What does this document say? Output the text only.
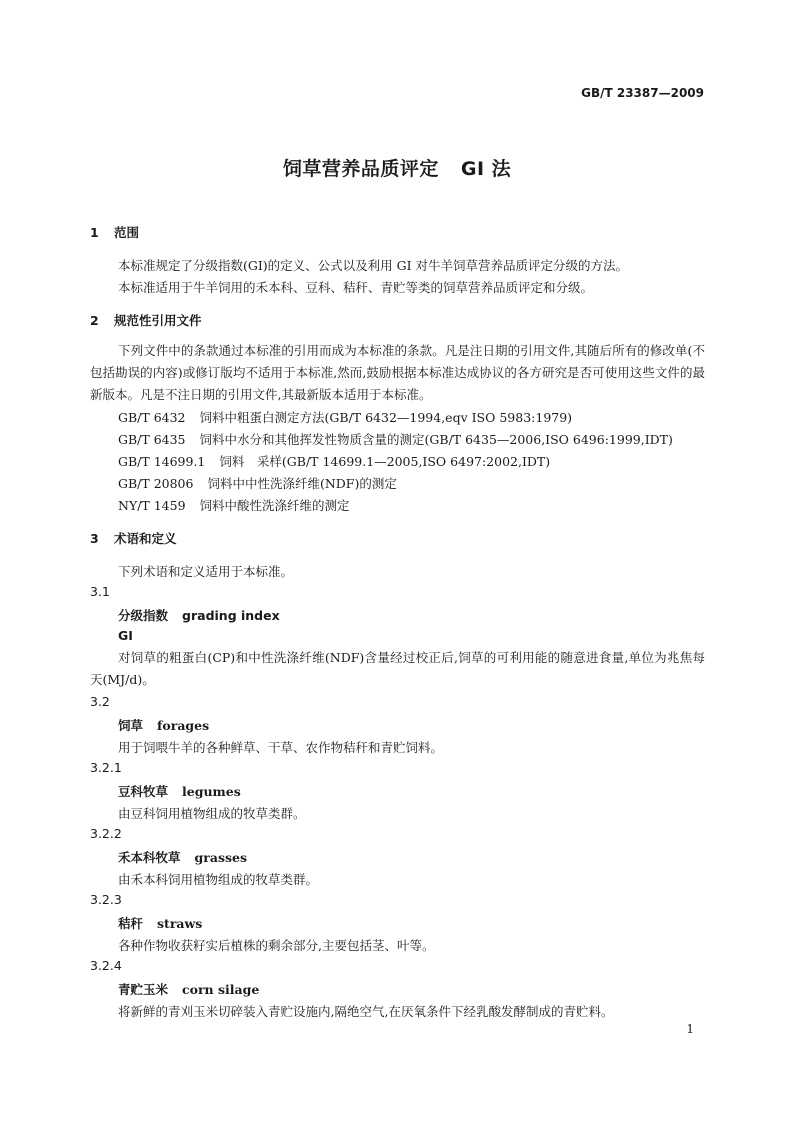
GB/T 23387—2009
饲草营养品质评定 GI 法
1 范围
本标准规定了分级指数(GI)的定义、公式以及利用 GI 对牛羊饲草营养品质评定分级的方法。
本标准适用于牛羊饲用的禾本科、豆科、秸秆、青贮等类的饲草营养品质评定和分级。
2 规范性引用文件
下列文件中的条款通过本标准的引用而成为本标准的条款。凡是注日期的引用文件,其随后所有的修改单(不包括勘误的内容)或修订版均不适用于本标准,然而,鼓励根据本标准达成协议的各方研究是否可使用这些文件的最新版本。凡是不注日期的引用文件,其最新版本适用于本标准。
GB/T 6432 饲料中粗蛋白测定方法(GB/T 6432—1994,eqv ISO 5983:1979)
GB/T 6435 饲料中水分和其他挥发性物质含量的测定(GB/T 6435—2006,ISO 6496:1999,IDT)
GB/T 14699.1 饲料　采样(GB/T 14699.1—2005,ISO 6497:2002,IDT)
GB/T 20806 饲料中中性洗涤纤维(NDF)的测定
NY/T 1459 饲料中酸性洗涤纤维的测定
3 术语和定义
下列术语和定义适用于本标准。
3.1
分级指数 grading index
GI
对饲草的粗蛋白(CP)和中性洗涤纤维(NDF)含量经过校正后,饲草的可利用能的随意进食量,单位为兆焦每天(MJ/d)。
3.2
饲草 forages
用于饲喂牛羊的各种鲜草、干草、农作物秸秆和青贮饲料。
3.2.1
豆科牧草 legumes
由豆科饲用植物组成的牧草类群。
3.2.2
禾本科牧草 grasses
由禾本科饲用植物组成的牧草类群。
3.2.3
秸秆 straws
各种作物收获籽实后植株的剩余部分,主要包括茎、叶等。
3.2.4
青贮玉米 corn silage
将新鲜的青刈玉米切碎装入青贮设施内,隔绝空气,在厌氧条件下经乳酸发酵制成的青贮料。
1
